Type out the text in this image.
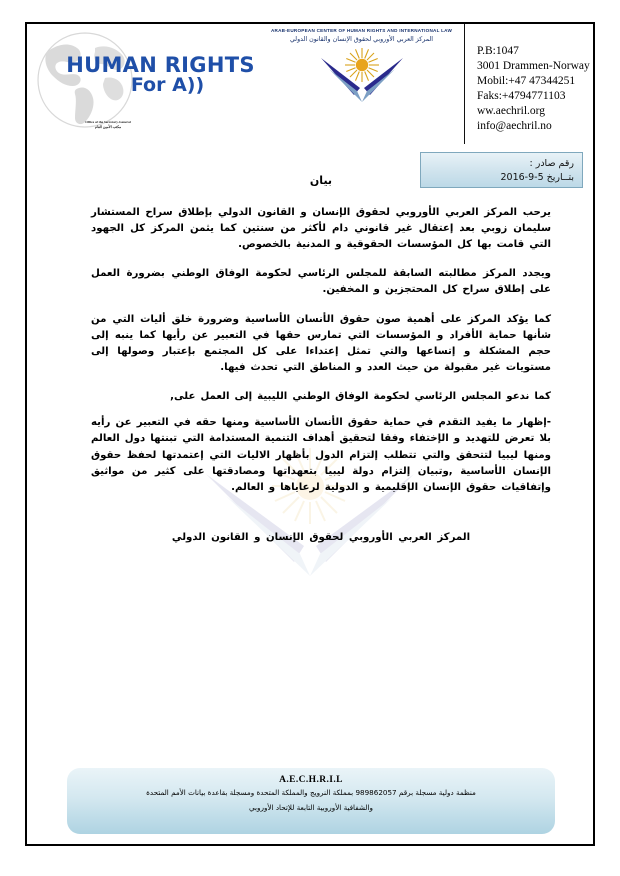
HUMAN RIGHTS
For A))
Office of the Secretary-General
مكتب الأمين العام
ARAB-EUROPEAN CENTER OF HUMAN RIGHTS AND INTERNATIONAL LAW
المركز العربي الأوروبي لحقوق الإنسان والقانون الدولي
P.B:1047
3001 Drammen-Norway
Mobil:+47 47344251
Faks:+4794771103
ww.aechril.org
info@aechril.no
رقم صادر :
بتــاريخ 5-9-2016
بيان

يرحب المركز العربي الأوروبي لحقوق الإنسان و القانون الدولي بإطلاق سراح المستشار سليمان زوبي بعد إعتقال غير قانوني دام لأكثر من سنتين كما يثمن المركز كل الجهود التي قامت بها كل المؤسسات الحقوقية و المدنية بالخصوص.

ويجدد المركز مطالبته السابقة للمجلس الرئاسي لحكومة الوفاق الوطني بضرورة العمل على إطلاق سراح كل المحتجزين و المخفين.

كما يؤكد المركز على أهمية صون حقوق الأنسان الأساسية وضرورة خلق أليات التي من شأنها حماية الأفراد و المؤسسات التي تمارس حقها في التعبير عن رأيها كما ينبه إلى حجم المشكلة و إتساعها والتي تمثل إعتداءا على كل المجتمع بإعتبار وصولها إلى مستويات غير مقبولة من حيث العدد و المناطق التي تحدث فيها.

كما ندعو المجلس الرئاسي لحكومة الوفاق الوطني الليبية إلى العمل على,

-إظهار ما يفيد التقدم في حماية حقوق الأنسان الأساسية ومنها حقه في التعبير عن رأيه بلا تعرض للتهديد و الإختفاء وفقا لتحقيق أهداف التنمية المستدامة التي تبنتها دول العالم ومنها ليبيا لتتحقق والتي تتطلب إلتزام الدول بأظهار الاليات التي إعتمدتها لحفظ حقوق الإنسان الأساسية ,وتبيان إلتزام دولة ليبيا بتعهداتها ومصادقتها على كثير من مواثيق وإتفاقيات حقوق الإنسان الإقليمية و الدولية لرعاياها و العالم.

المركز العربي الأوروبي لحقوق الإنسان و القانون الدولي
A.E.C.H.R.I.L
منظمة دولية مسجلة برقم 989862057 بمملكة النرويج والمملكة المتحدة ومسجلة بقاعدة بيانات الأمم المتحدة
والشفافية الأوروبية التابعة للإتحاد الأوروبي
